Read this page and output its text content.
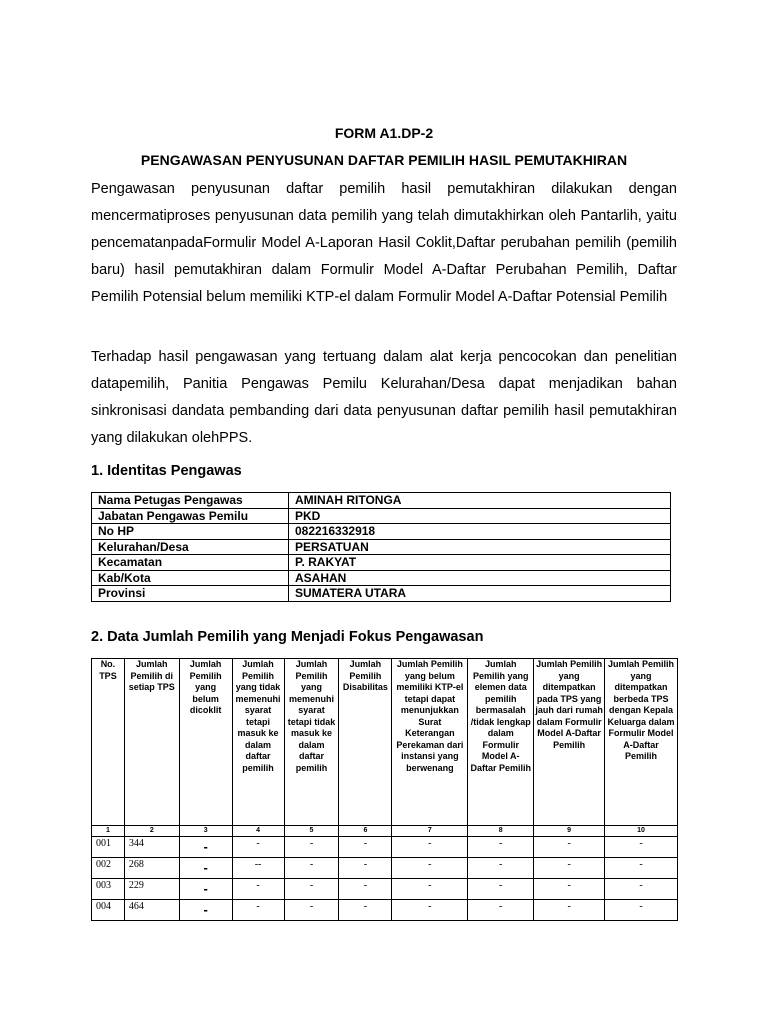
FORM A1.DP-2
PENGAWASAN PENYUSUNAN DAFTAR PEMILIH HASIL PEMUTAKHIRAN

Pengawasan penyusunan daftar pemilih hasil pemutakhiran dilakukan dengan mencermatiproses penyusunan data pemilih yang telah dimutakhirkan oleh Pantarlih, yaitu pencematanpadaFormulir Model A-Laporan Hasil Coklit,Daftar perubahan pemilih (pemilih baru) hasil pemutakhiran dalam Formulir Model A-Daftar Perubahan Pemilih, Daftar Pemilih Potensial belum memiliki KTP-el dalam Formulir Model A-Daftar Potensial Pemilih

Terhadap hasil pengawasan yang tertuang dalam alat kerja pencocokan dan penelitian datapemilih, Panitia Pengawas Pemilu Kelurahan/Desa dapat menjadikan bahan sinkronisasi dandata pembanding dari data penyusunan daftar pemilih hasil pemutakhiran yang dilakukan olehPPS.

1. Identitas Pengawas

Nama Petugas Pengawas	AMINAH RITONGA
Jabatan Pengawas Pemilu	PKD
No HP	082216332918
Kelurahan/Desa	PERSATUAN
Kecamatan	P. RAKYAT
Kab/Kota	ASAHAN
Provinsi	SUMATERA UTARA

2. Data Jumlah Pemilih yang Menjadi Fokus Pengawasan

No. TPS	Jumlah Pemilih di setiap TPS	Jumlah Pemilih yang belum dicoklit	Jumlah Pemilih yang tidak memenuhi syarat tetapi masuk ke dalam daftar pemilih	Jumlah Pemilih yang memenuhi syarat tetapi tidak masuk ke dalam daftar pemilih	Jumlah Pemilih Disabilitas	Jumlah Pemilih yang belum memiliki KTP-el tetapi dapat menunjukkan Surat Keterangan Perekaman dari instansi yang berwenang	Jumlah Pemilih yang elemen data pemilih bermasalah /tidak lengkap dalam Formulir Model A-Daftar Pemilih	Jumlah Pemilih yang ditempatkan pada TPS yang jauh dari rumah dalam Formulir Model A-Daftar Pemilih	Jumlah Pemilih yang ditempatkan berbeda TPS dengan Kepala Keluarga dalam Formulir Model A-Daftar Pemilih
1	2	3	4	5	6	7	8	9	10
001	344	-	-	-	-	-	-	-	-
002	268	-	--	-	-	-	-	-	-
003	229	-	-	-	-	-	-	-	-
004	464	-	-	-	-	-	-	-	-
